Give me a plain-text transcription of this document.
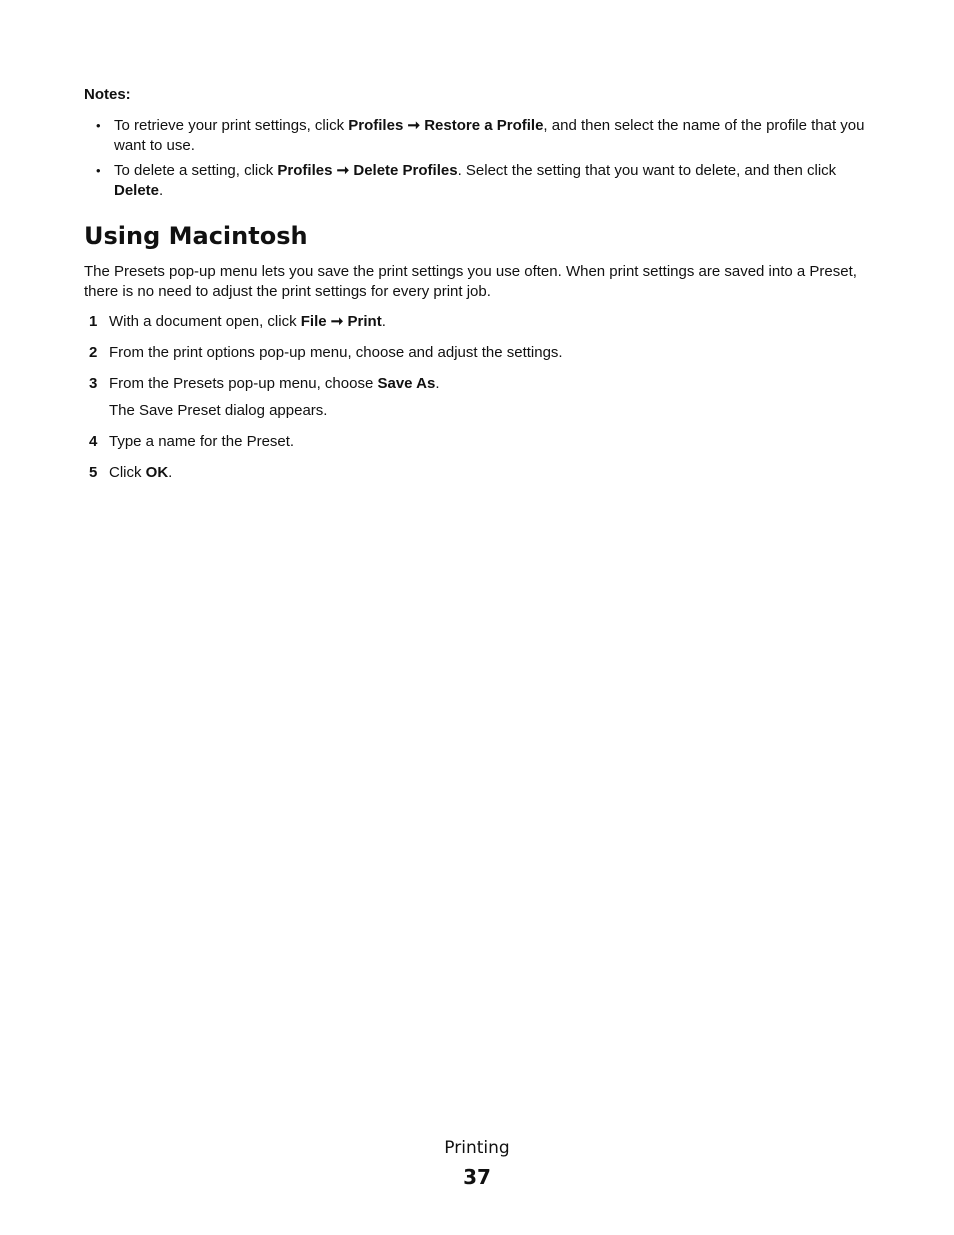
Notes:
• To retrieve your print settings, click Profiles ➞ Restore a Profile, and then select the name of the profile that you want to use.
• To delete a setting, click Profiles ➞ Delete Profiles. Select the setting that you want to delete, and then click Delete.
Using Macintosh

The Presets pop-up menu lets you save the print settings you use often. When print settings are saved into a Preset, there is no need to adjust the print settings for every print job.

1 With a document open, click File ➞ Print.
2 From the print options pop-up menu, choose and adjust the settings.
3 From the Presets pop-up menu, choose Save As.
The Save Preset dialog appears.
4 Type a name for the Preset.
5 Click OK.
Printing
37
